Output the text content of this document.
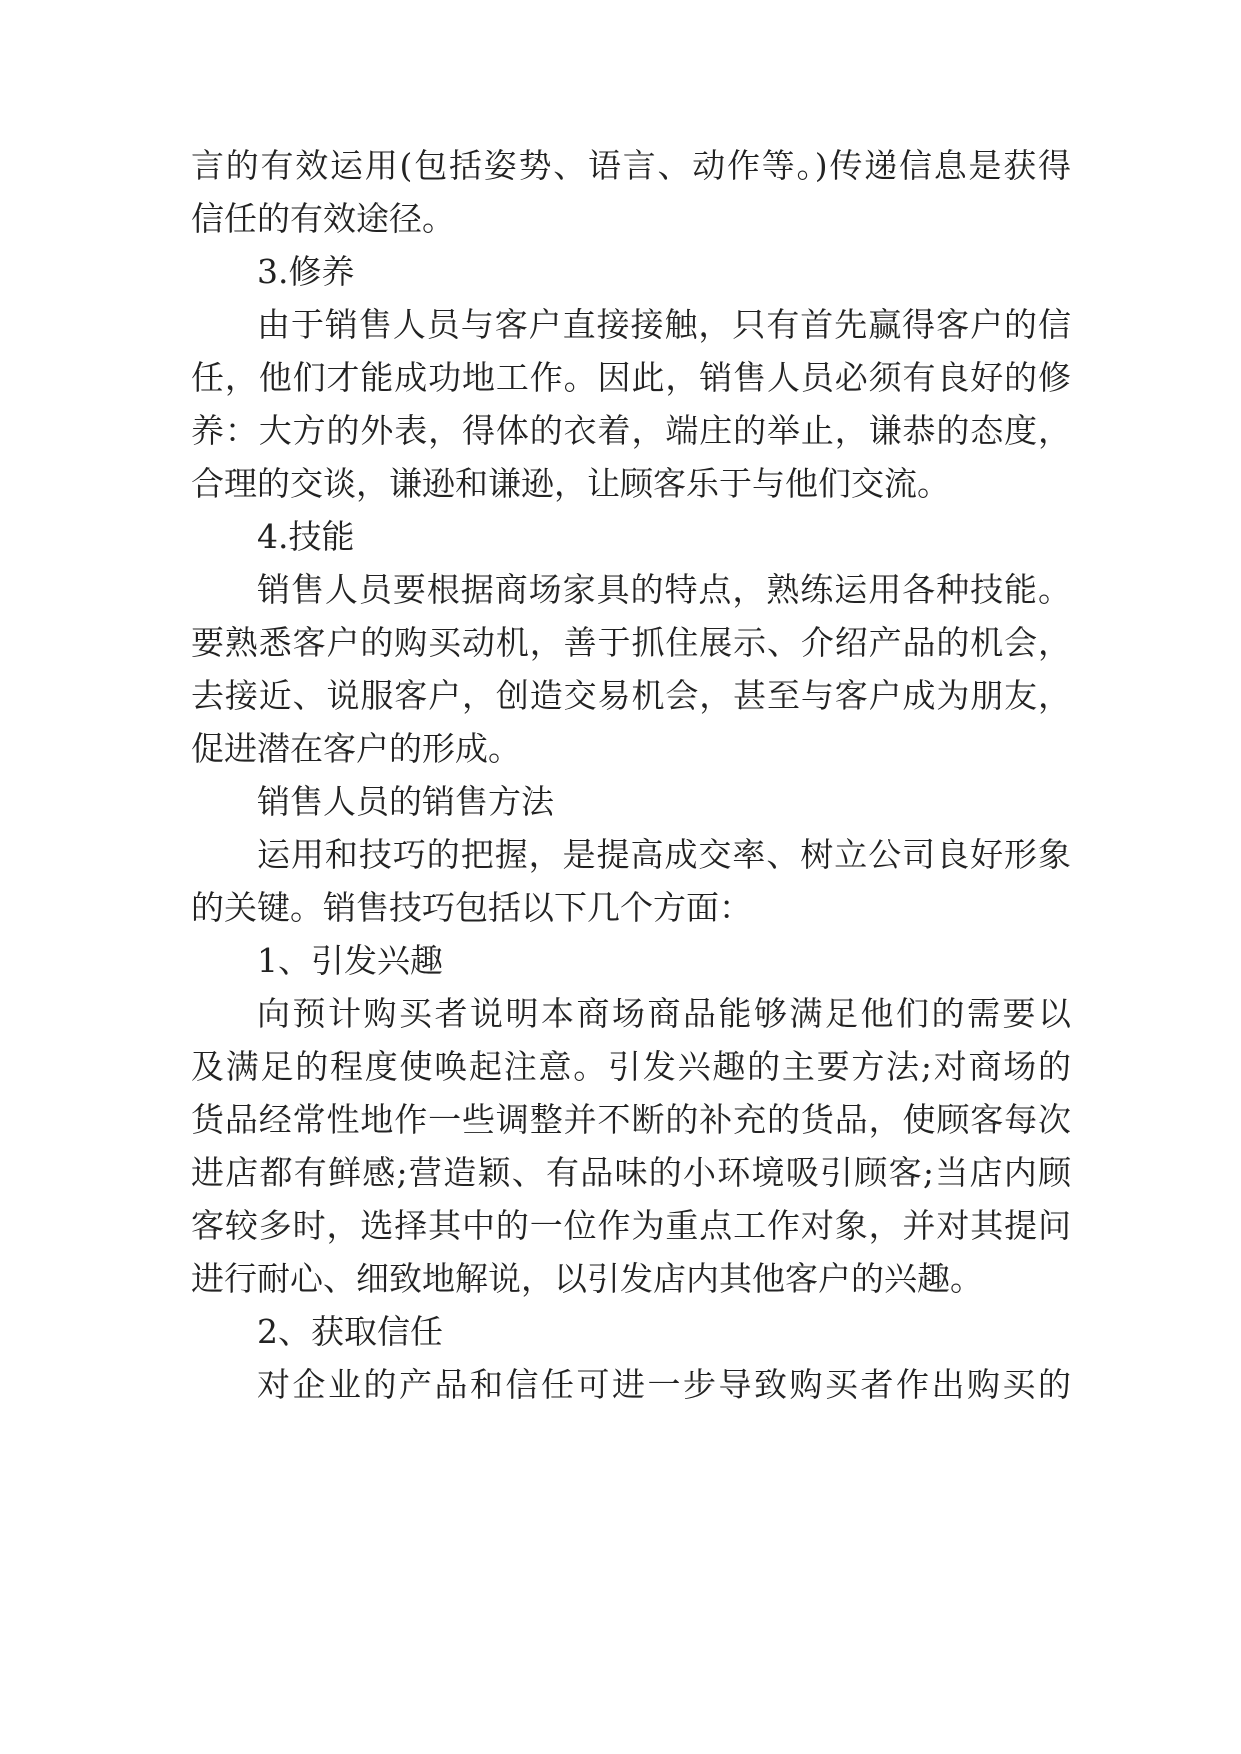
言的有效运用(包括姿势、语言、动作等。)传递信息是获得

信任的有效途径。

3.修养

由于销售人员与客户直接接触，只有首先赢得客户的信

任，他们才能成功地工作。因此，销售人员必须有良好的修

养：大方的外表，得体的衣着，端庄的举止，谦恭的态度，

合理的交谈，谦逊和谦逊，让顾客乐于与他们交流。

4.技能

销售人员要根据商场家具的特点，熟练运用各种技能。

要熟悉客户的购买动机，善于抓住展示、介绍产品的机会，

去接近、说服客户，创造交易机会，甚至与客户成为朋友，

促进潜在客户的形成。

销售人员的销售方法

运用和技巧的把握，是提高成交率、树立公司良好形象

的关键。销售技巧包括以下几个方面：

1、引发兴趣

向预计购买者说明本商场商品能够满足他们的需要以

及满足的程度使唤起注意。引发兴趣的主要方法;对商场的

货品经常性地作一些调整并不断的补充的货品，使顾客每次

进店都有鲜感;营造颖、有品味的小环境吸引顾客;当店内顾

客较多时，选择其中的一位作为重点工作对象，并对其提问

进行耐心、细致地解说，以引发店内其他客户的兴趣。

2、获取信任

对企业的产品和信任可进一步导致购买者作出购买的
